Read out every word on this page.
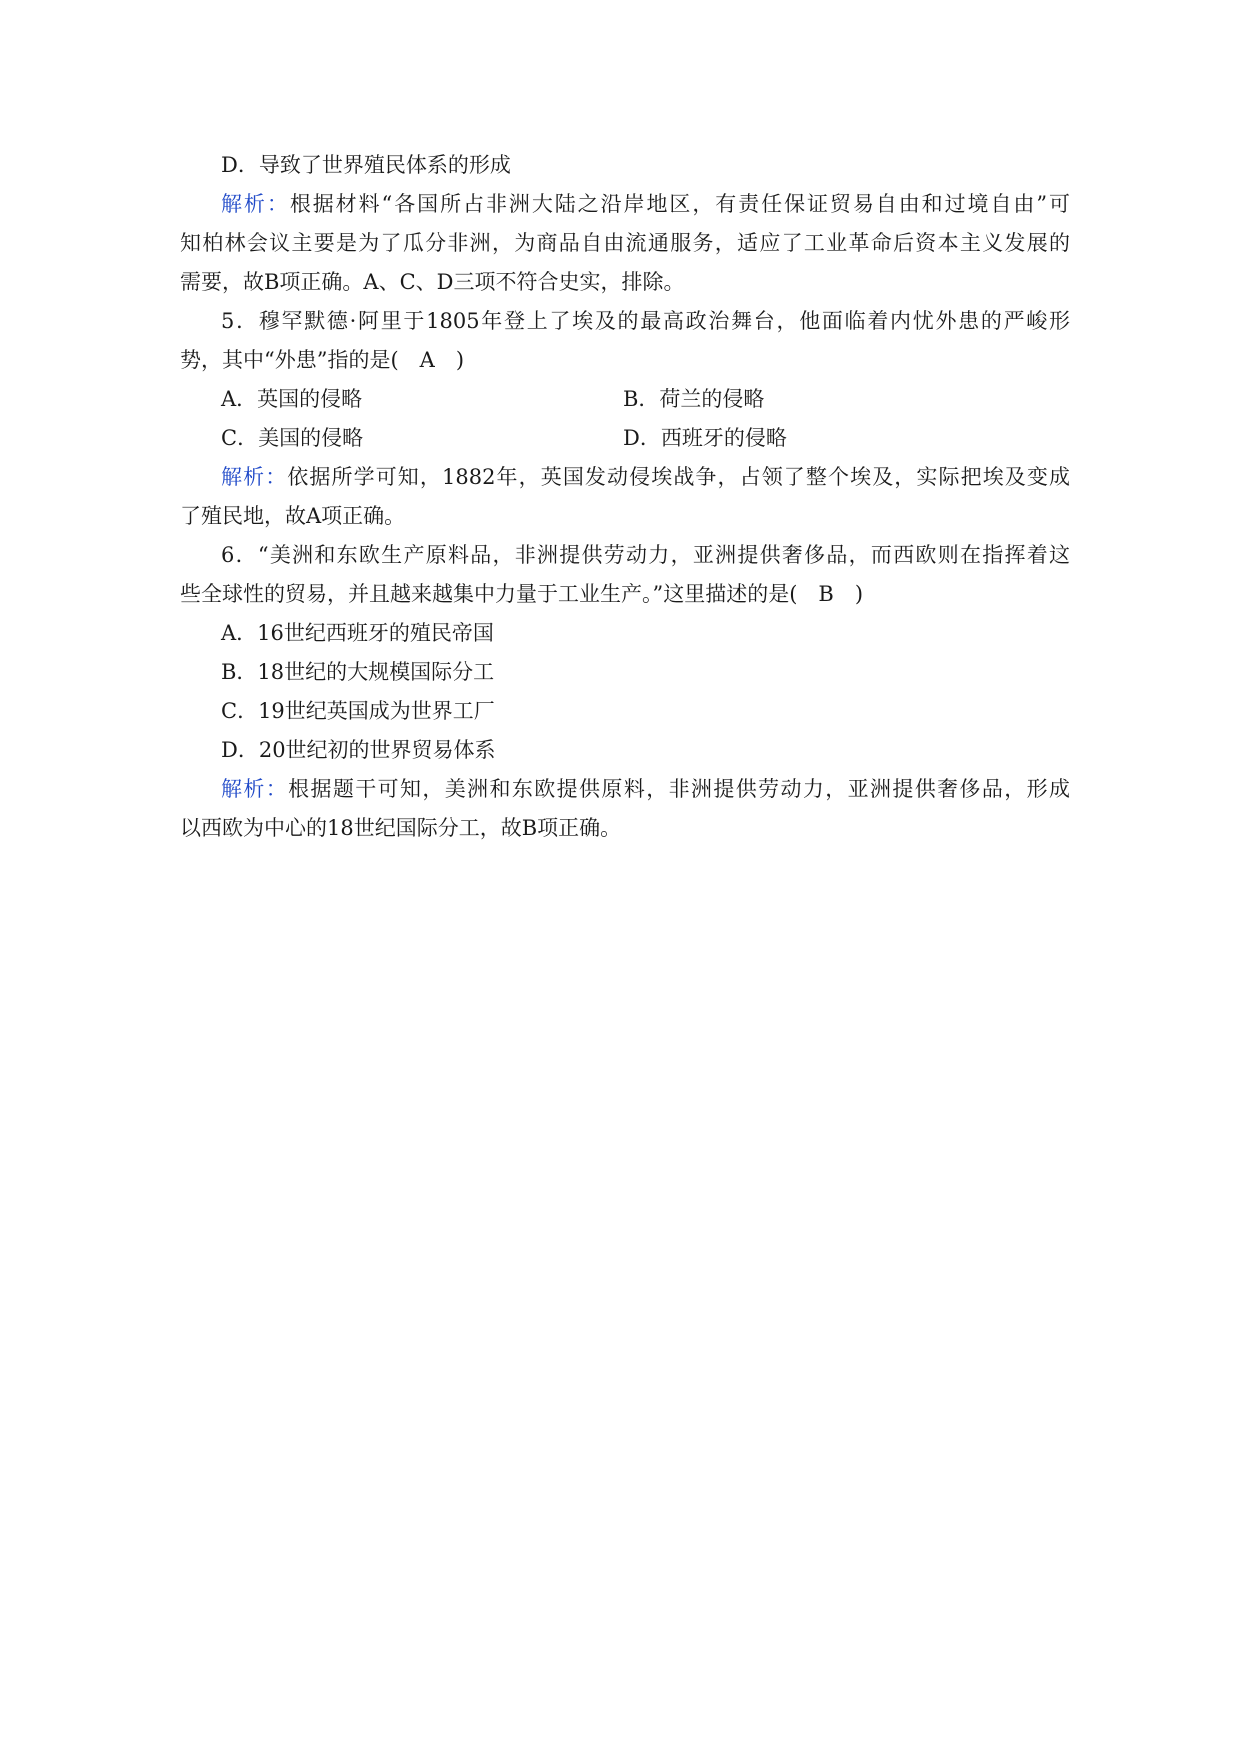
D．导致了世界殖民体系的形成
解析：根据材料“各国所占非洲大陆之沿岸地区，有责任保证贸易自由和过境自由”可
知柏林会议主要是为了瓜分非洲，为商品自由流通服务，适应了工业革命后资本主义发展的
需要，故B项正确。A、C、D三项不符合史实，排除。
5．穆罕默德·阿里于1805年登上了埃及的最高政治舞台，他面临着内忧外患的严峻形
势，其中“外患”指的是(　A　)
A．英国的侵略	B．荷兰的侵略
C．美国的侵略	D．西班牙的侵略
解析：依据所学可知，1882年，英国发动侵埃战争，占领了整个埃及，实际把埃及变成
了殖民地，故A项正确。
6．“美洲和东欧生产原料品，非洲提供劳动力，亚洲提供奢侈品，而西欧则在指挥着这
些全球性的贸易，并且越来越集中力量于工业生产。”这里描述的是(　B　)
A．16世纪西班牙的殖民帝国
B．18世纪的大规模国际分工
C．19世纪英国成为世界工厂
D．20世纪初的世界贸易体系
解析：根据题干可知，美洲和东欧提供原料，非洲提供劳动力，亚洲提供奢侈品，形成
以西欧为中心的18世纪国际分工，故B项正确。
